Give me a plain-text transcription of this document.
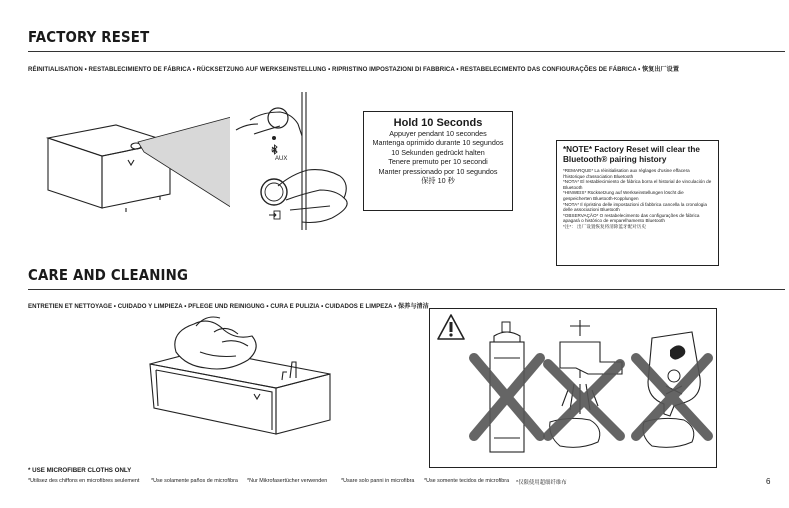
FACTORY RESET
RÉINITIALISATION • RESTABLECIMIENTO DE FÁBRICA • RÜCKSETZUNG AUF WERKSEINSTELLUNG • RIPRISTINO IMPOSTAZIONI DI FABBRICA • RESTABELECIMENTO DAS CONFIGURAÇÕES DE FÁBRICA • 恢复出厂设置
AUX
Hold 10 Seconds
Appuyer pendant 10 secondes
Mantenga oprimido durante 10 segundos
10 Sekunden gedrückt halten
Tenere premuto per 10 secondi
Manter pressionado por 10 segundos
保持 10 秒
*NOTE* Factory Reset will clear the Bluetooth® pairing history
*REMARQUE* La réinitialisation aux réglages d'usine effacera l'historique d'association Bluetooth
*NOTA* El restablecimiento de fábrica borra el historial de vinculación de Bluetooth
*HINWEIS* Rücksetzung auf Werkseinstellungen löscht die gespeicherten Bluetooth-Kopplungen
*NOTA* Il ripristino delle impostazioni di fabbrica cancella la cronologia delle associazioni Bluetooth
*OBSERVAÇÃO* O restabelecimento das configurações de fábrica apagará o histórico de emparelhamento Bluetooth
*注*： 出厂设置恢复将清除蓝牙配对历史
CARE AND CLEANING
ENTRETIEN ET NETTOYAGE • CUIDADO Y LIMPIEZA • PFLEGE UND REINIGUNG • CURA E PULIZIA • CUIDADOS E LIMPEZA • 保养与清洁
* USE MICROFIBER CLOTHS ONLY
*Utilisez des chiffons en microfibres seulement *Use solamente paños de microfibra *Nur Mikrofasertücher verwenden	*Usare solo panni in microfibra *Use somente tecidos de microfibra *仅限使用超细纤维布	6
